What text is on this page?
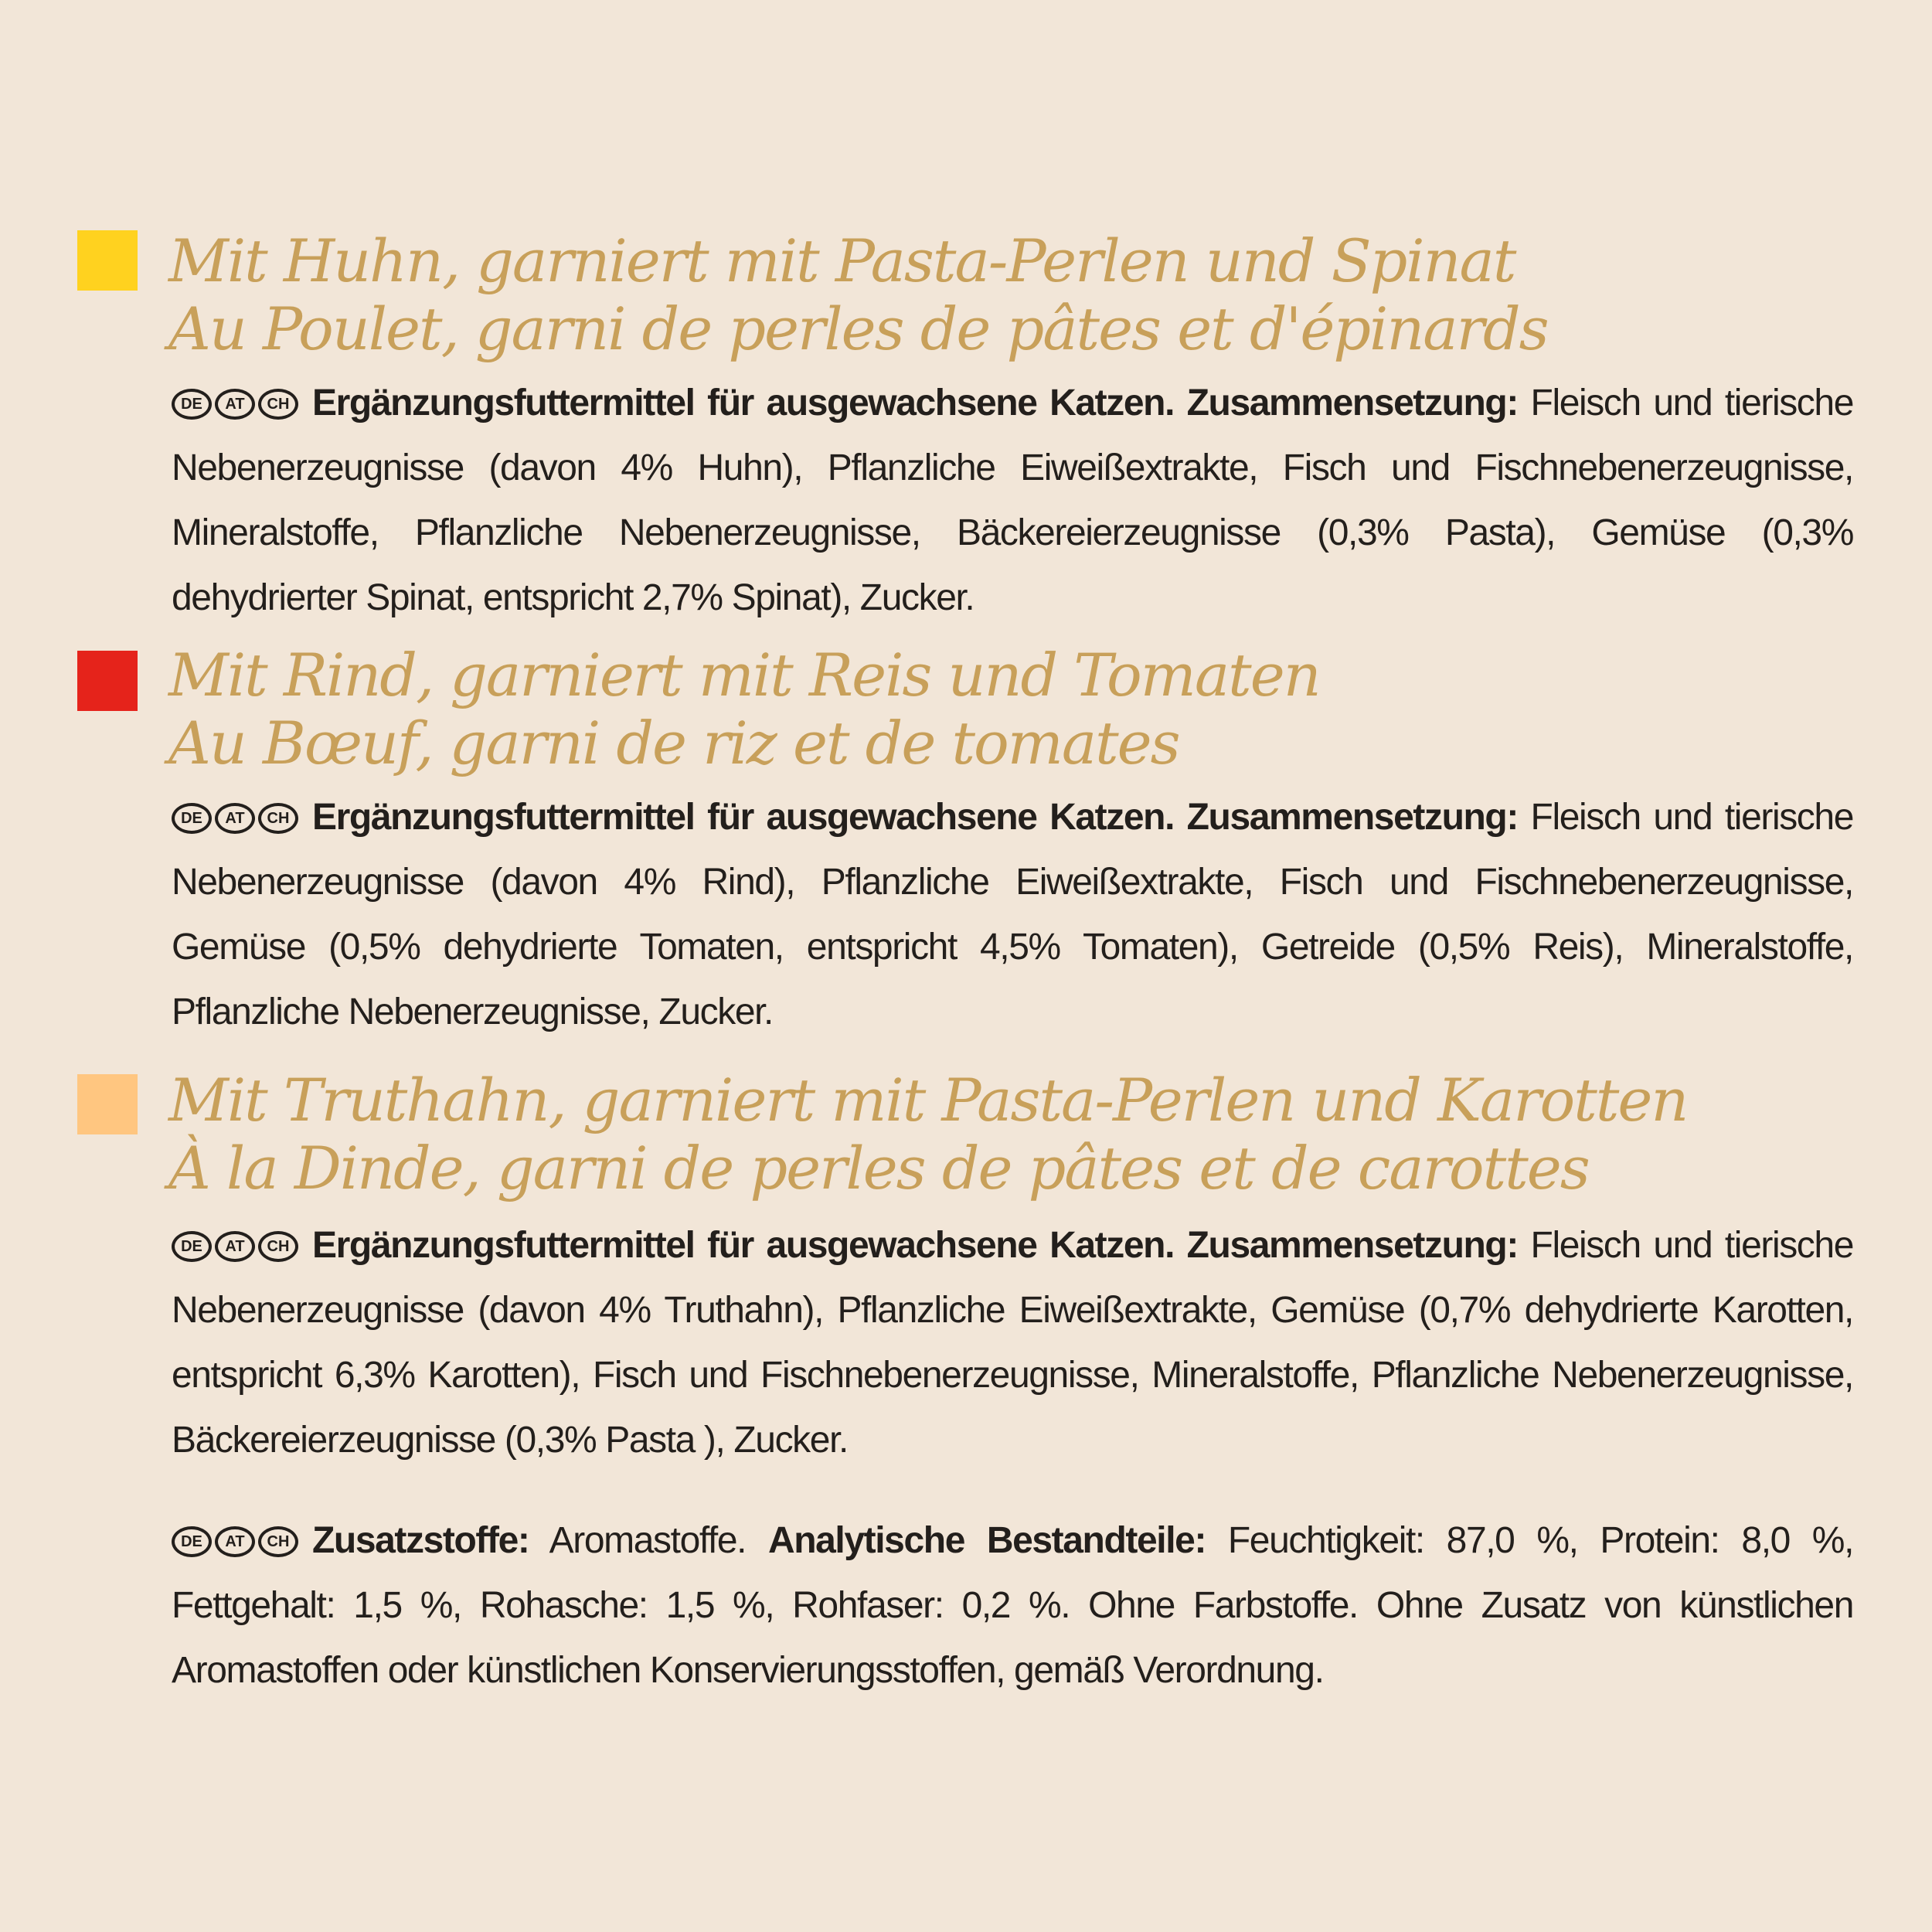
Mit Huhn, garniert mit Pasta-Perlen und Spinat
Au Poulet, garni de perles de pâtes et d'épinards

DE	AT	CH Ergänzungsfuttermittel für ausgewachsene Katzen. Zusammensetzung: Fleisch und tierische Nebenerzeugnisse (davon 4% Huhn), Pflanzliche Eiweißextrakte, Fisch und Fischnebenerzeugnisse, Mineralstoffe, Pflanzliche Nebenerzeugnisse, Bäckereierzeugnisse (0,3% Pasta), Gemüse (0,3% dehydrierter Spinat, entspricht 2,7% Spinat), Zucker.

Mit Rind, garniert mit Reis und Tomaten
Au Bœuf, garni de riz et de tomates

DE	AT	CH Ergänzungsfuttermittel für ausgewachsene Katzen. Zusammensetzung: Fleisch und tierische Nebenerzeugnisse (davon 4% Rind), Pflanzliche Eiweißextrakte, Fisch und Fischnebenerzeugnisse, Gemüse (0,5% dehydrierte Tomaten, entspricht 4,5% Tomaten), Getreide (0,5% Reis), Mineralstoffe, Pflanzliche Nebenerzeugnisse, Zucker.

Mit Truthahn, garniert mit Pasta-Perlen und Karotten
À la Dinde, garni de perles de pâtes et de carottes

DE	AT	CH Ergänzungsfuttermittel für ausgewachsene Katzen. Zusammensetzung: Fleisch und tierische Nebenerzeugnisse (davon 4% Truthahn), Pflanzliche Eiweißextrakte, Gemüse (0,7% dehydrierte Karotten, entspricht 6,3% Karotten), Fisch und Fischnebenerzeugnisse, Mineralstoffe, Pflanzliche Nebenerzeugnisse, Bäckereierzeugnisse (0,3% Pasta ), Zucker.

DE	AT	CH Zusatzstoffe: Aromastoffe. Analytische Bestandteile: Feuchtigkeit: 87,0 %, Protein: 8,0 %, Fettgehalt: 1,5 %, Rohasche: 1,5 %, Rohfaser: 0,2 %. Ohne Farbstoffe. Ohne Zusatz von künstlichen Aromastoffen oder künstlichen Konservierungsstoffen, gemäß Verordnung.
